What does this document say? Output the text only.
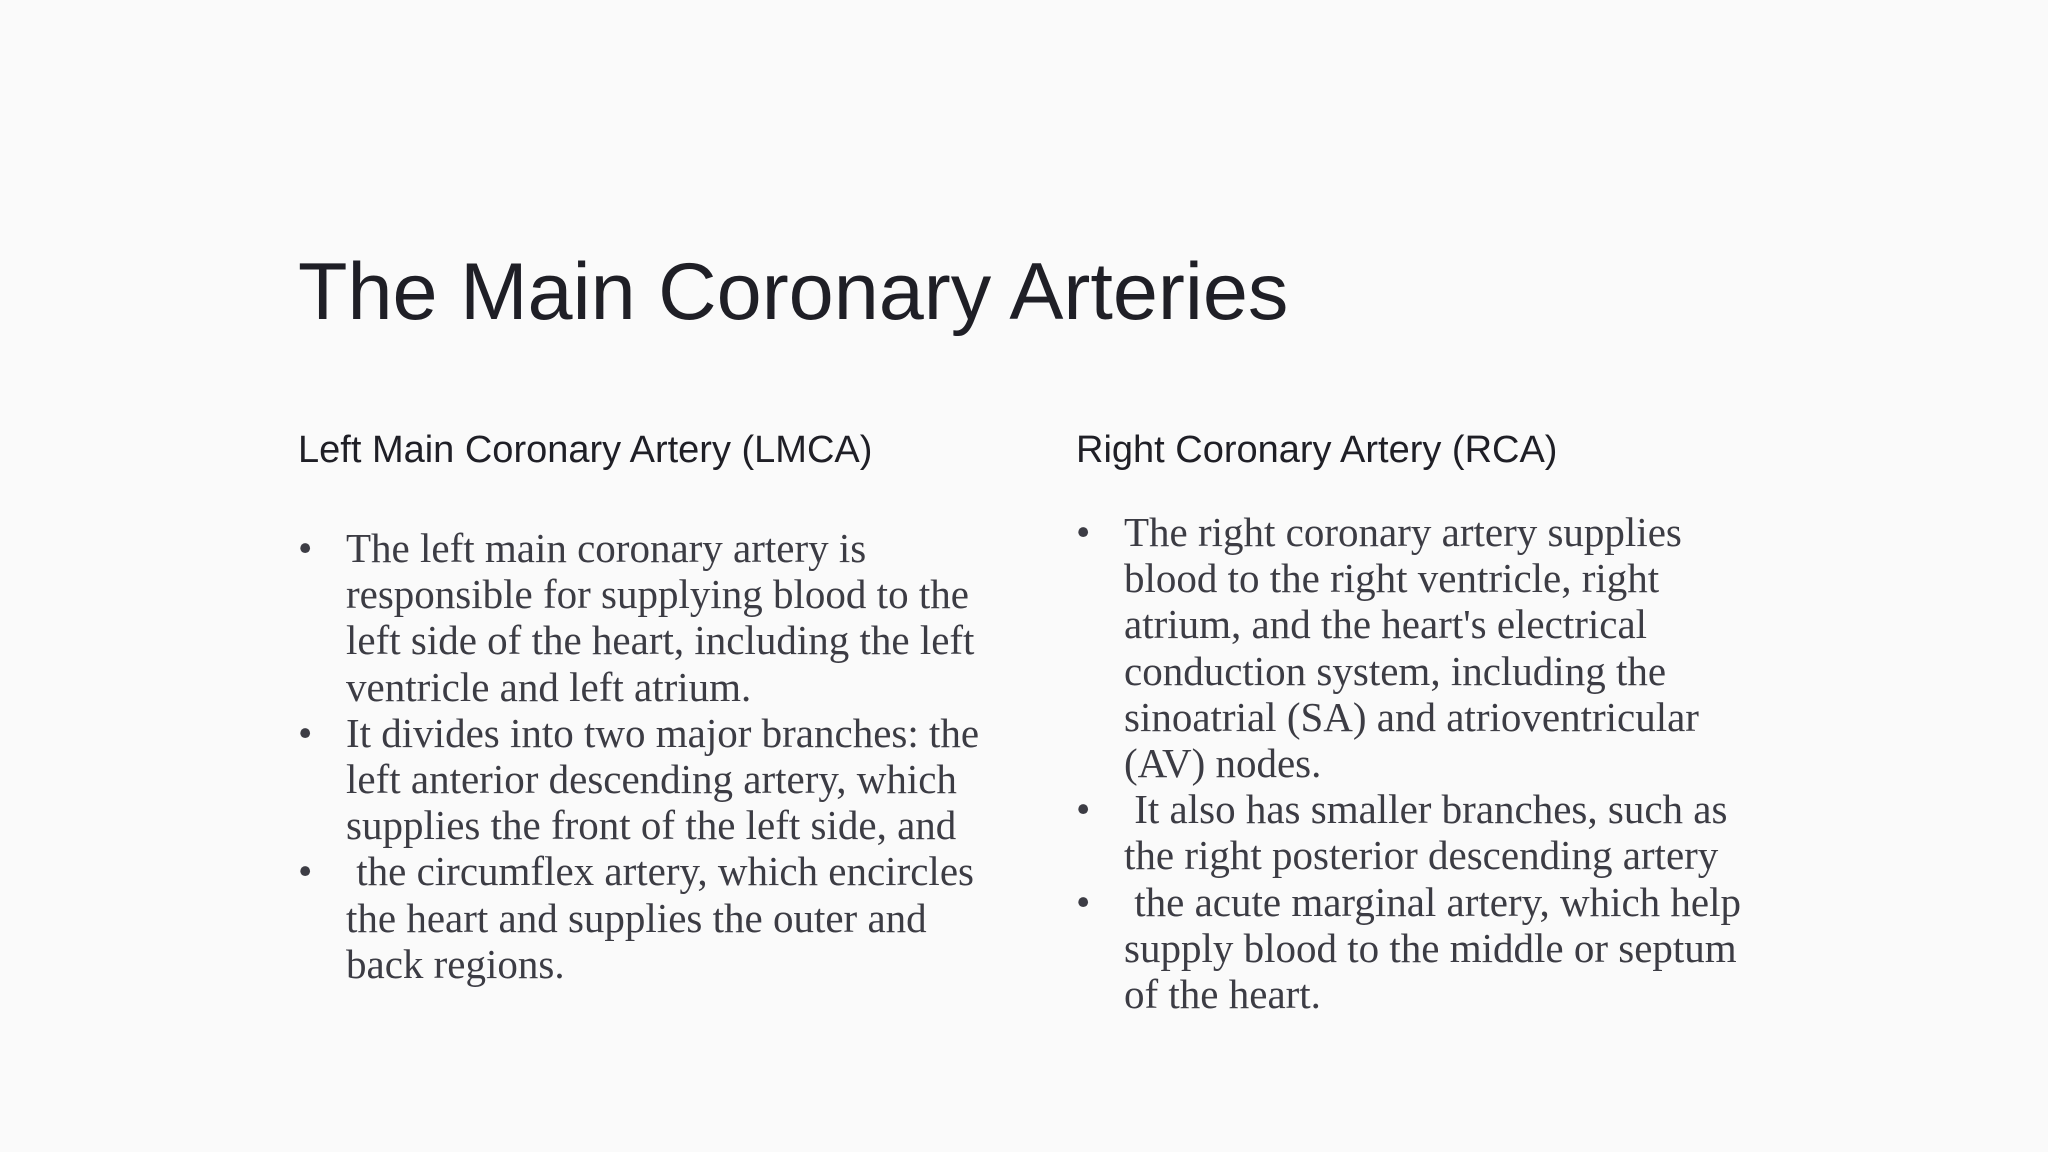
The Main Coronary Arteries
Left Main Coronary Artery (LMCA)
• The left main coronary artery is responsible for supplying blood to the left side of the heart, including the left ventricle and left atrium.
• It divides into two major branches: the left anterior descending artery, which supplies the front of the left side, and
• the circumflex artery, which encircles the heart and supplies the outer and back regions.
Right Coronary Artery (RCA)
• The right coronary artery supplies blood to the right ventricle, right atrium, and the heart's electrical conduction system, including the sinoatrial (SA) and atrioventricular (AV) nodes.
• It also has smaller branches, such as the right posterior descending artery
• the acute marginal artery, which help supply blood to the middle or septum of the heart.
